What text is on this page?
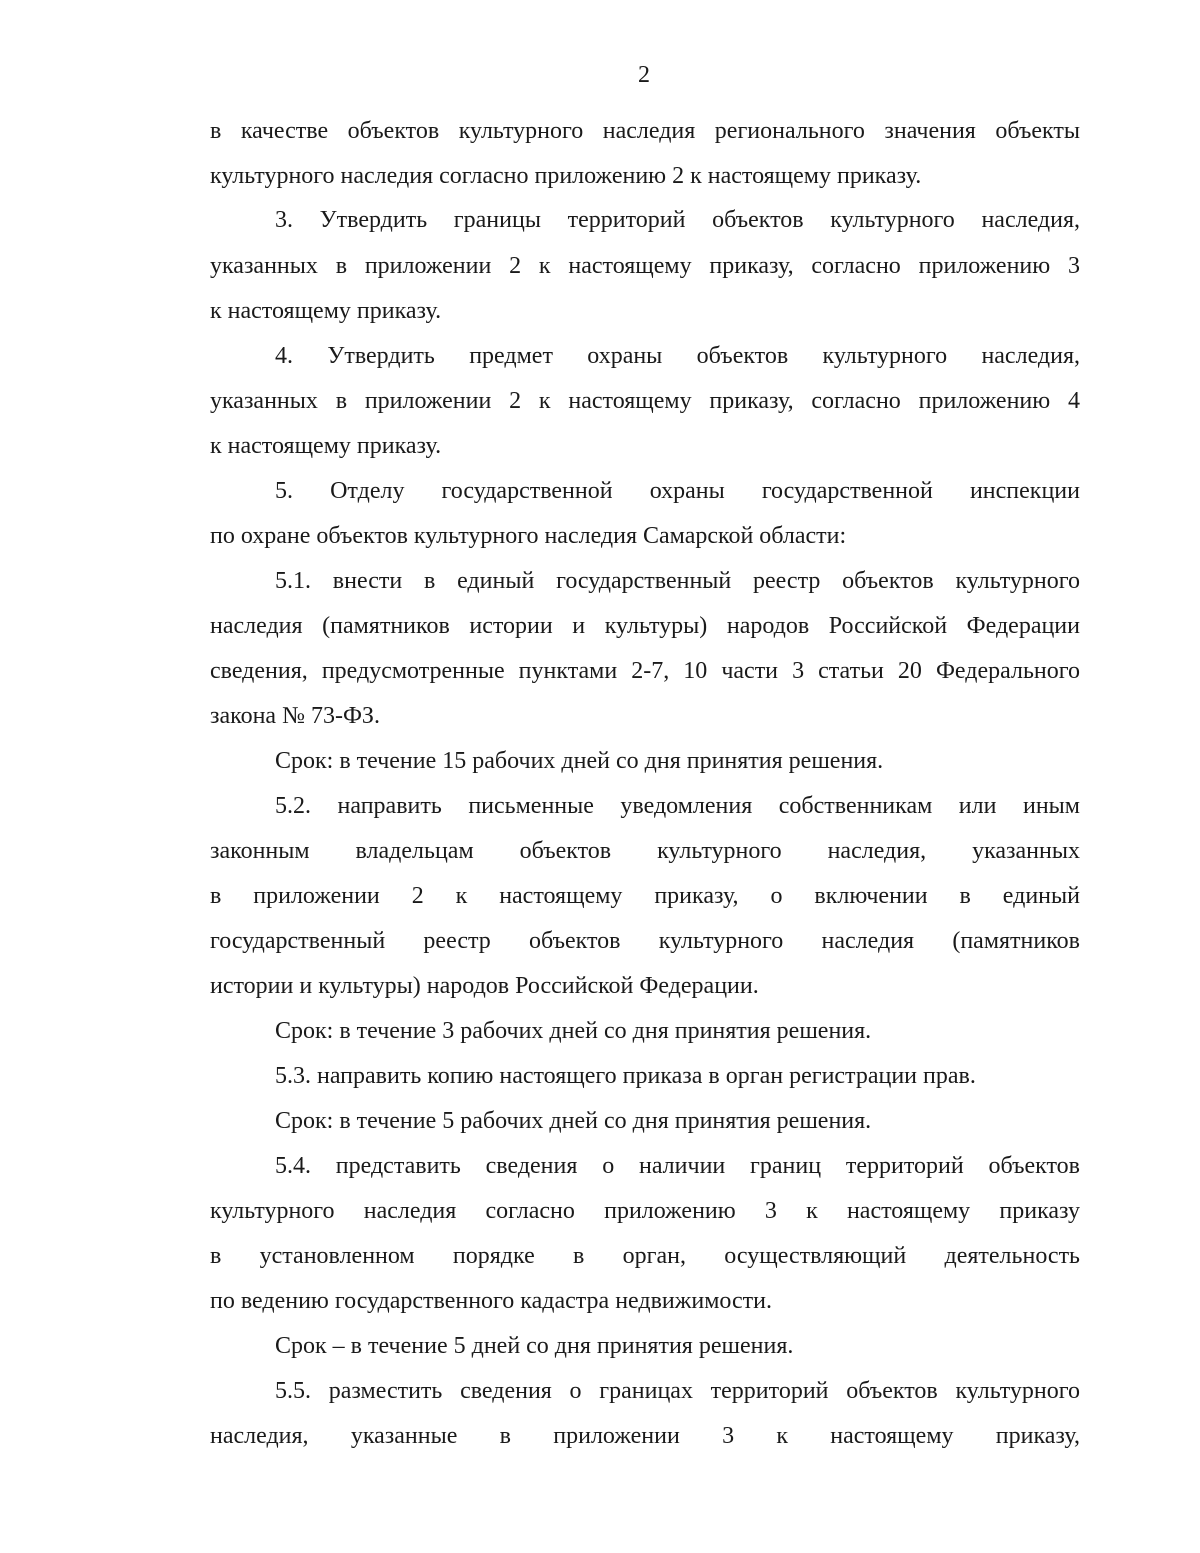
2
в качестве объектов культурного наследия регионального значения объекты
культурного наследия согласно приложению 2 к настоящему приказу.
3. Утвердить границы территорий объектов культурного наследия,
указанных в приложении 2 к настоящему приказу, согласно приложению 3
к настоящему приказу.
4. Утвердить предмет охраны объектов культурного наследия,
указанных в приложении 2 к настоящему приказу, согласно приложению 4
к настоящему приказу.
5. Отделу государственной охраны государственной инспекции
по охране объектов культурного наследия Самарской области:
5.1. внести в единый государственный реестр объектов культурного
наследия (памятников истории и культуры) народов Российской Федерации
сведения, предусмотренные пунктами 2-7, 10 части 3 статьи 20 Федерального
закона № 73-ФЗ.
Срок: в течение 15 рабочих дней со дня принятия решения.
5.2. направить письменные уведомления собственникам или иным
законным владельцам объектов культурного наследия, указанных
в приложении 2 к настоящему приказу, о включении в единый
государственный реестр объектов культурного наследия (памятников
истории и культуры) народов Российской Федерации.
Срок: в течение 3 рабочих дней со дня принятия решения.
5.3. направить копию настоящего приказа в орган регистрации прав.
Срок: в течение 5 рабочих дней со дня принятия решения.
5.4. представить сведения о наличии границ территорий объектов
культурного наследия согласно приложению 3 к настоящему приказу
в установленном порядке в орган, осуществляющий деятельность
по ведению государственного кадастра недвижимости.
Срок – в течение 5 дней со дня принятия решения.
5.5. разместить сведения о границах территорий объектов культурного
наследия, указанные в приложении 3 к настоящему приказу,
